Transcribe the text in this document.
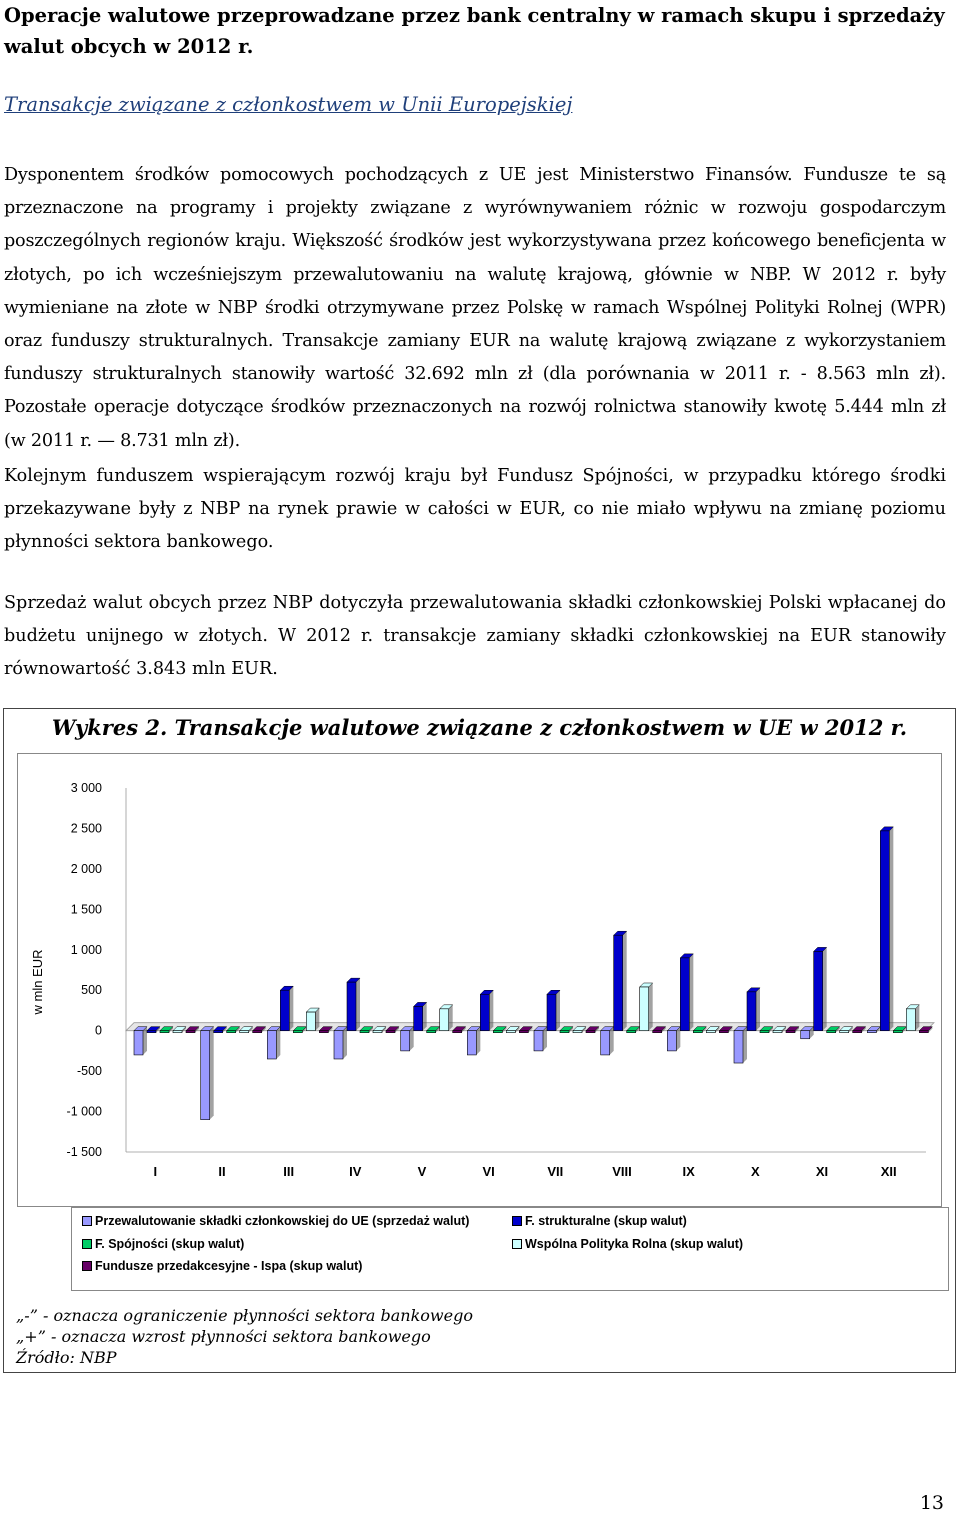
Operacje walutowe przeprowadzane przez bank centralny w ramach skupu i sprzedaży walut obcych w 2012 r.
Transakcje związane z członkostwem w Unii Europejskiej

Dysponentem środków pomocowych pochodzących z UE jest Ministerstwo Finansów. Fundusze te są przeznaczone na programy i projekty związane z wyrównywaniem różnic w rozwoju gospodarczym poszczególnych regionów kraju. Większość środków jest wykorzystywana przez końcowego beneficjenta w złotych, po ich wcześniejszym przewalutowaniu na walutę krajową, głównie w NBP. W 2012 r. były wymieniane na złote w NBP środki otrzymywane przez Polskę w ramach Wspólnej Polityki Rolnej (WPR) oraz funduszy strukturalnych. Transakcje zamiany EUR na walutę krajową związane z wykorzystaniem funduszy strukturalnych stanowiły wartość 32.692 mln zł (dla porównania w 2011 r. - 8.563 mln zł). Pozostałe operacje dotyczące środków przeznaczonych na rozwój rolnictwa stanowiły kwotę 5.444 mln zł (w 2011 r. — 8.731 mln zł).

Kolejnym funduszem wspierającym rozwój kraju był Fundusz Spójności, w przypadku którego środki przekazywane były z NBP na rynek prawie w całości w EUR, co nie miało wpływu na zmianę poziomu płynności sektora bankowego.

Sprzedaż walut obcych przez NBP dotyczyła przewalutowania składki członkowskiej Polski wpłacanej do budżetu unijnego w złotych. W 2012 r. transakcje zamiany składki członkowskiej na EUR stanowiły równowartość 3.843 mln EUR.

Wykres 2. Transakcje walutowe związane z członkostwem w UE w 2012 r.
3 000
2 500
2 000
1 500
1 000
500
0
-500
-1 000
-1 500
w mln EUR
I	II	III	IV	V	VI	VII	VIII	IX	X	XI	XII
Przewalutowanie składki członkowskiej do UE (sprzedaż walut)	F. strukturalne (skup walut)
F. Spójności (skup walut)	Wspólna Polityka Rolna (skup walut)
Fundusze przedakcesyjne - Ispa (skup walut)
„-” - oznacza ograniczenie płynności sektora bankowego
„+” - oznacza wzrost płynności sektora bankowego
Źródło: NBP
13
